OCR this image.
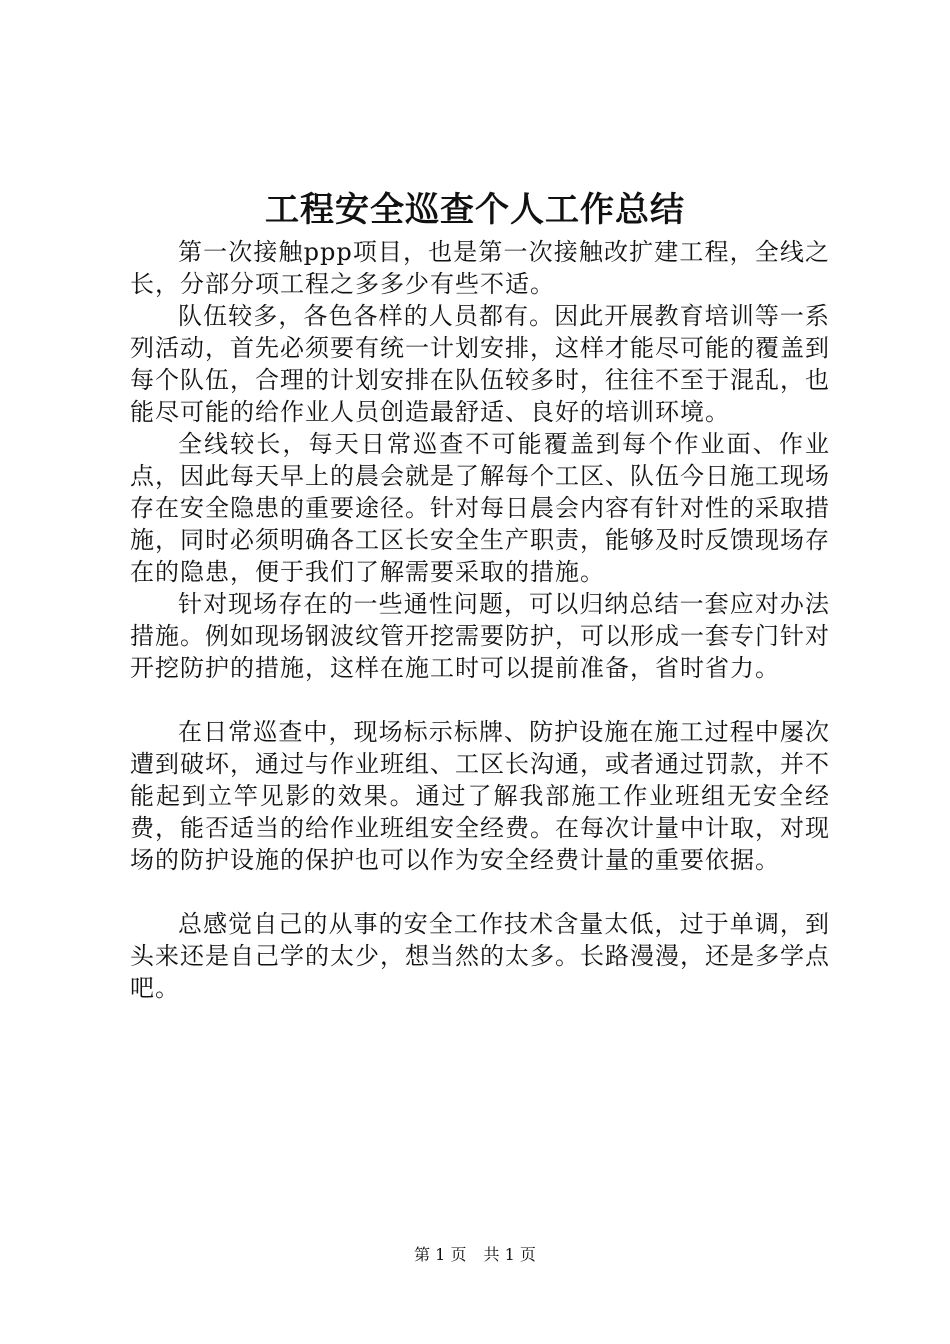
工程安全巡查个人工作总结

第一次接触ppp项目，也是第一次接触改扩建工程，全线之长，分部分项工程之多多少有些不适。

队伍较多，各色各样的人员都有。因此开展教育培训等一系列活动，首先必须要有统一计划安排，这样才能尽可能的覆盖到每个队伍，合理的计划安排在队伍较多时，往往不至于混乱，也能尽可能的给作业人员创造最舒适、良好的培训环境。

全线较长，每天日常巡查不可能覆盖到每个作业面、作业点，因此每天早上的晨会就是了解每个工区、队伍今日施工现场存在安全隐患的重要途径。针对每日晨会内容有针对性的采取措施，同时必须明确各工区长安全生产职责，能够及时反馈现场存在的隐患，便于我们了解需要采取的措施。

针对现场存在的一些通性问题，可以归纳总结一套应对办法措施。例如现场钢波纹管开挖需要防护，可以形成一套专门针对开挖防护的措施，这样在施工时可以提前准备，省时省力。

在日常巡查中，现场标示标牌、防护设施在施工过程中屡次遭到破坏，通过与作业班组、工区长沟通，或者通过罚款，并不能起到立竿见影的效果。通过了解我部施工作业班组无安全经费，能否适当的给作业班组安全经费。在每次计量中计取，对现场的防护设施的保护也可以作为安全经费计量的重要依据。

总感觉自己的从事的安全工作技术含量太低，过于单调，到头来还是自己学的太少，想当然的太多。长路漫漫，还是多学点吧。

第 1 页 共 1 页
